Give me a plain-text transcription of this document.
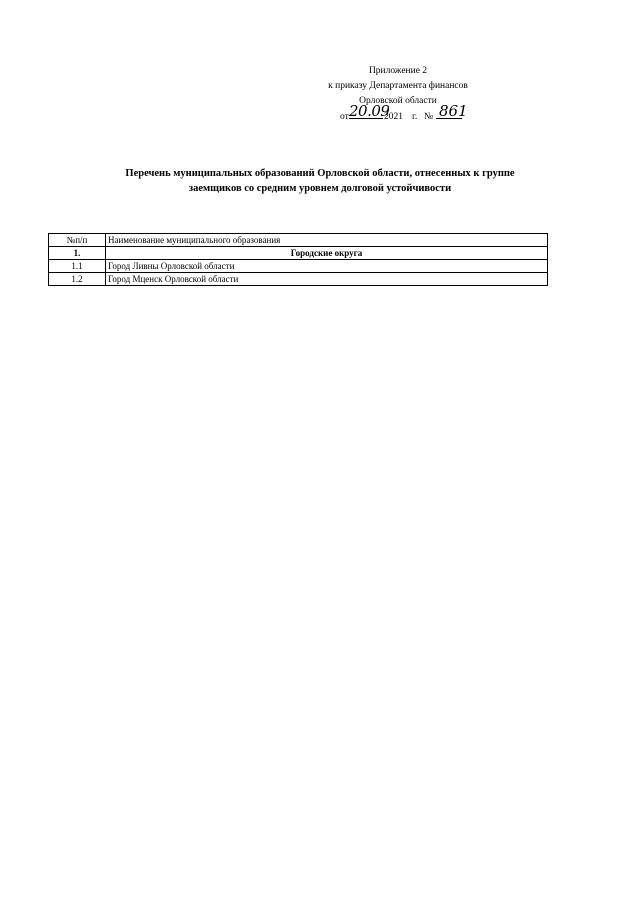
Приложение 2
к приказу Департамента финансов
Орловской области
от 20.09
2021 г. № 861
Перечень муниципальных образований Орловской области, отнесенных к группе
заемщиков со средним уровнем долговой устойчивости
№п/п	Наименование муниципального образования
1.	Городские округа
1.1	Город Ливны Орловской области
1.2	Город Мценск Орловской области
